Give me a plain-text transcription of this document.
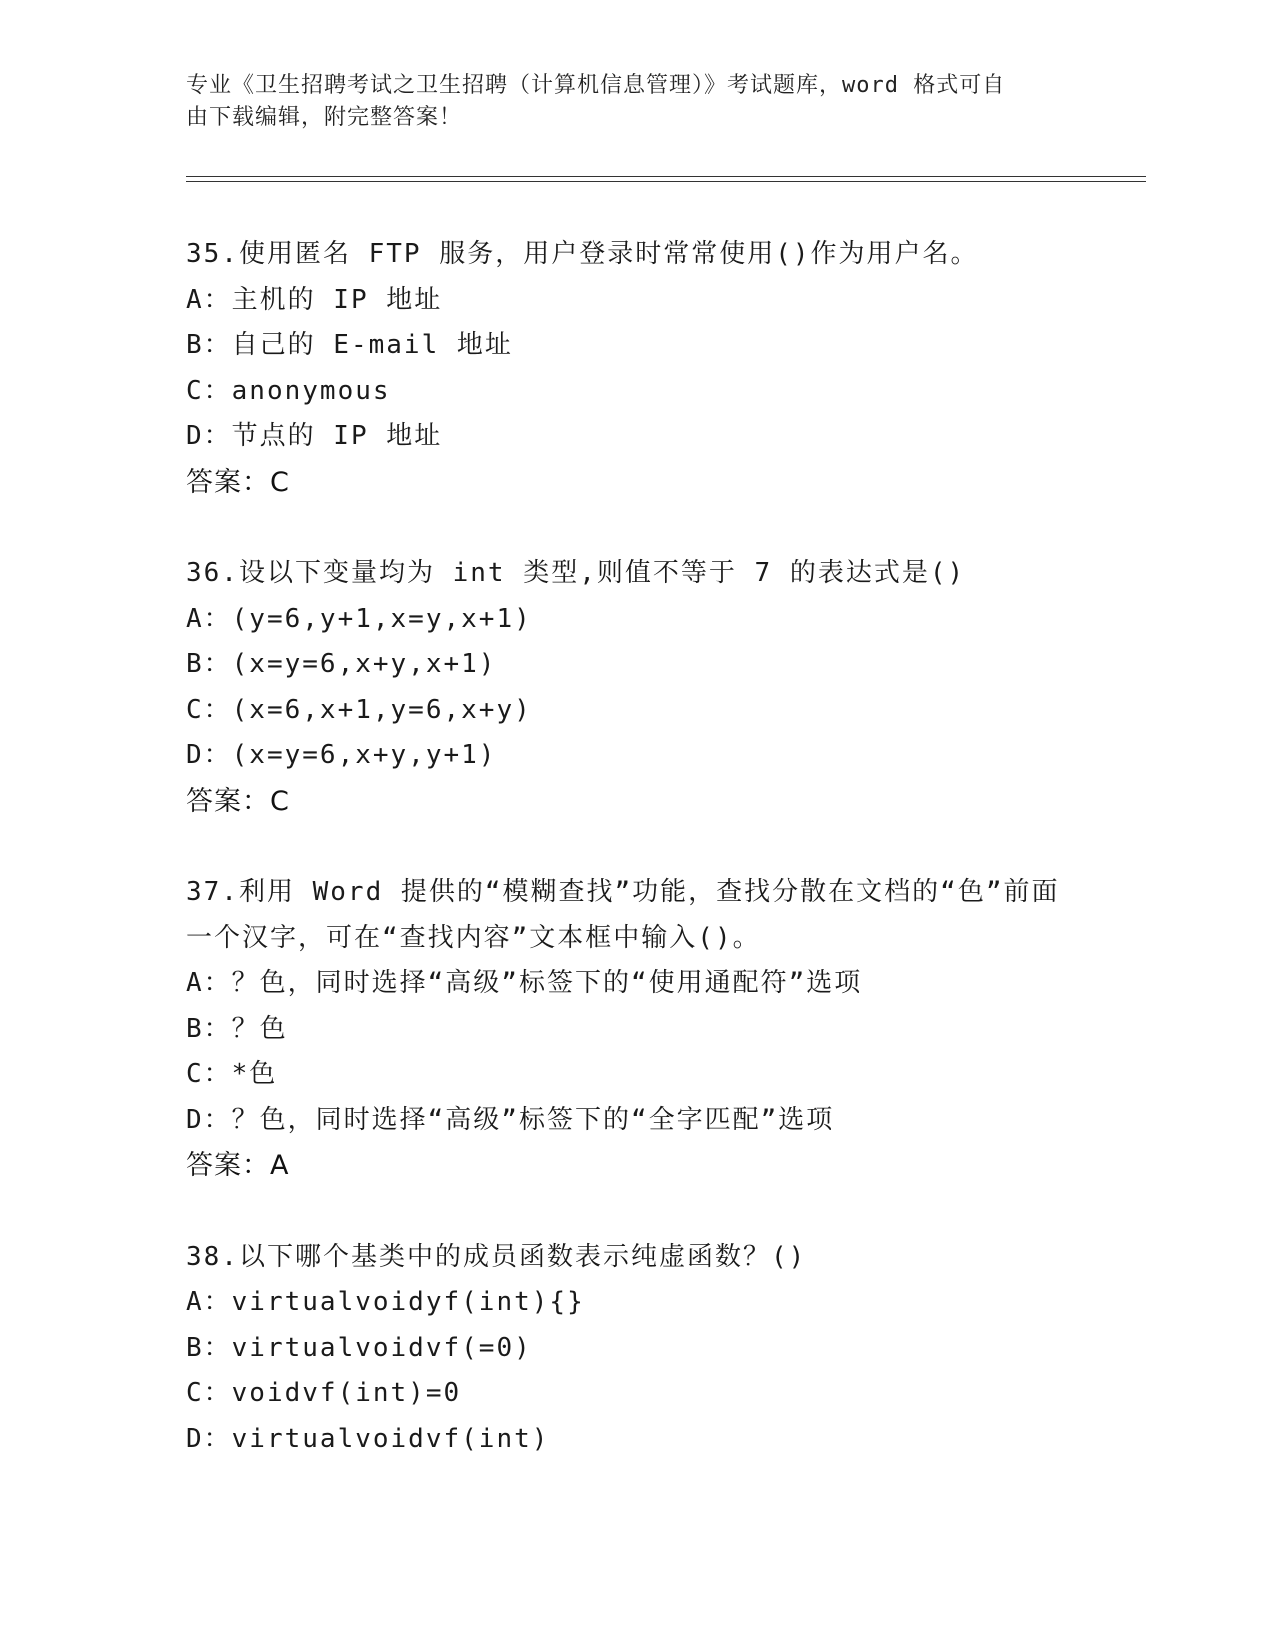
专业《卫生招聘考试之卫生招聘（计算机信息管理）》考试题库，word 格式可自
由下载编辑，附完整答案！
35.使用匿名 FTP 服务，用户登录时常常使用()作为用户名。
A：主机的 IP 地址
B：自己的 E-mail 地址
C：anonymous
D：节点的 IP 地址
答案：C
36.设以下变量均为 int 类型,则值不等于 7 的表达式是()
A：(y=6,y+1,x=y,x+1)
B：(x=y=6,x+y,x+1)
C：(x=6,x+1,y=6,x+y)
D：(x=y=6,x+y,y+1)
答案：C
37.利用 Word 提供的“模糊查找”功能，查找分散在文档的“色”前面一个汉字，可在“查找内容”文本框中输入()。
A：？色，同时选择“高级”标签下的“使用通配符”选项
B：？色
C：*色
D：？色，同时选择“高级”标签下的“全字匹配”选项
答案：A
38.以下哪个基类中的成员函数表示纯虚函数？()
A：virtualvoidyf(int){}
B：virtualvoidvf(=0)
C：voidvf(int)=0
D：virtualvoidvf(int)
